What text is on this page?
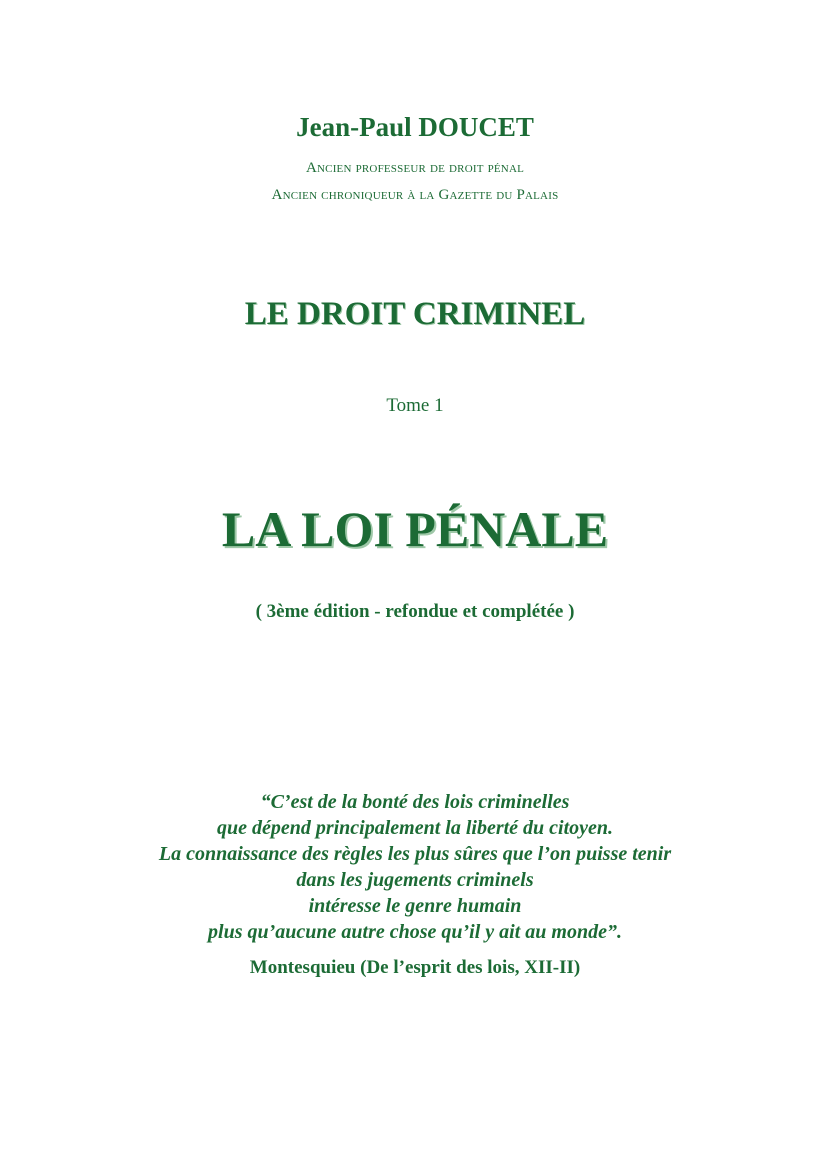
Jean-Paul DOUCET

Ancien professeur de droit pénal

Ancien chroniqueur à la Gazette du Palais

LE DROIT CRIMINEL

Tome 1

LA LOI PÉNALE

( 3ème édition - refondue et complétée )

“C’est de la bonté des lois criminelles
que dépend principalement la liberté du citoyen.
La connaissance des règles les plus sûres que l’on puisse tenir
dans les jugements criminels
intéresse le genre humain
plus qu’aucune autre chose qu’il y ait au monde”.

Montesquieu (De l’esprit des lois, XII-II)
